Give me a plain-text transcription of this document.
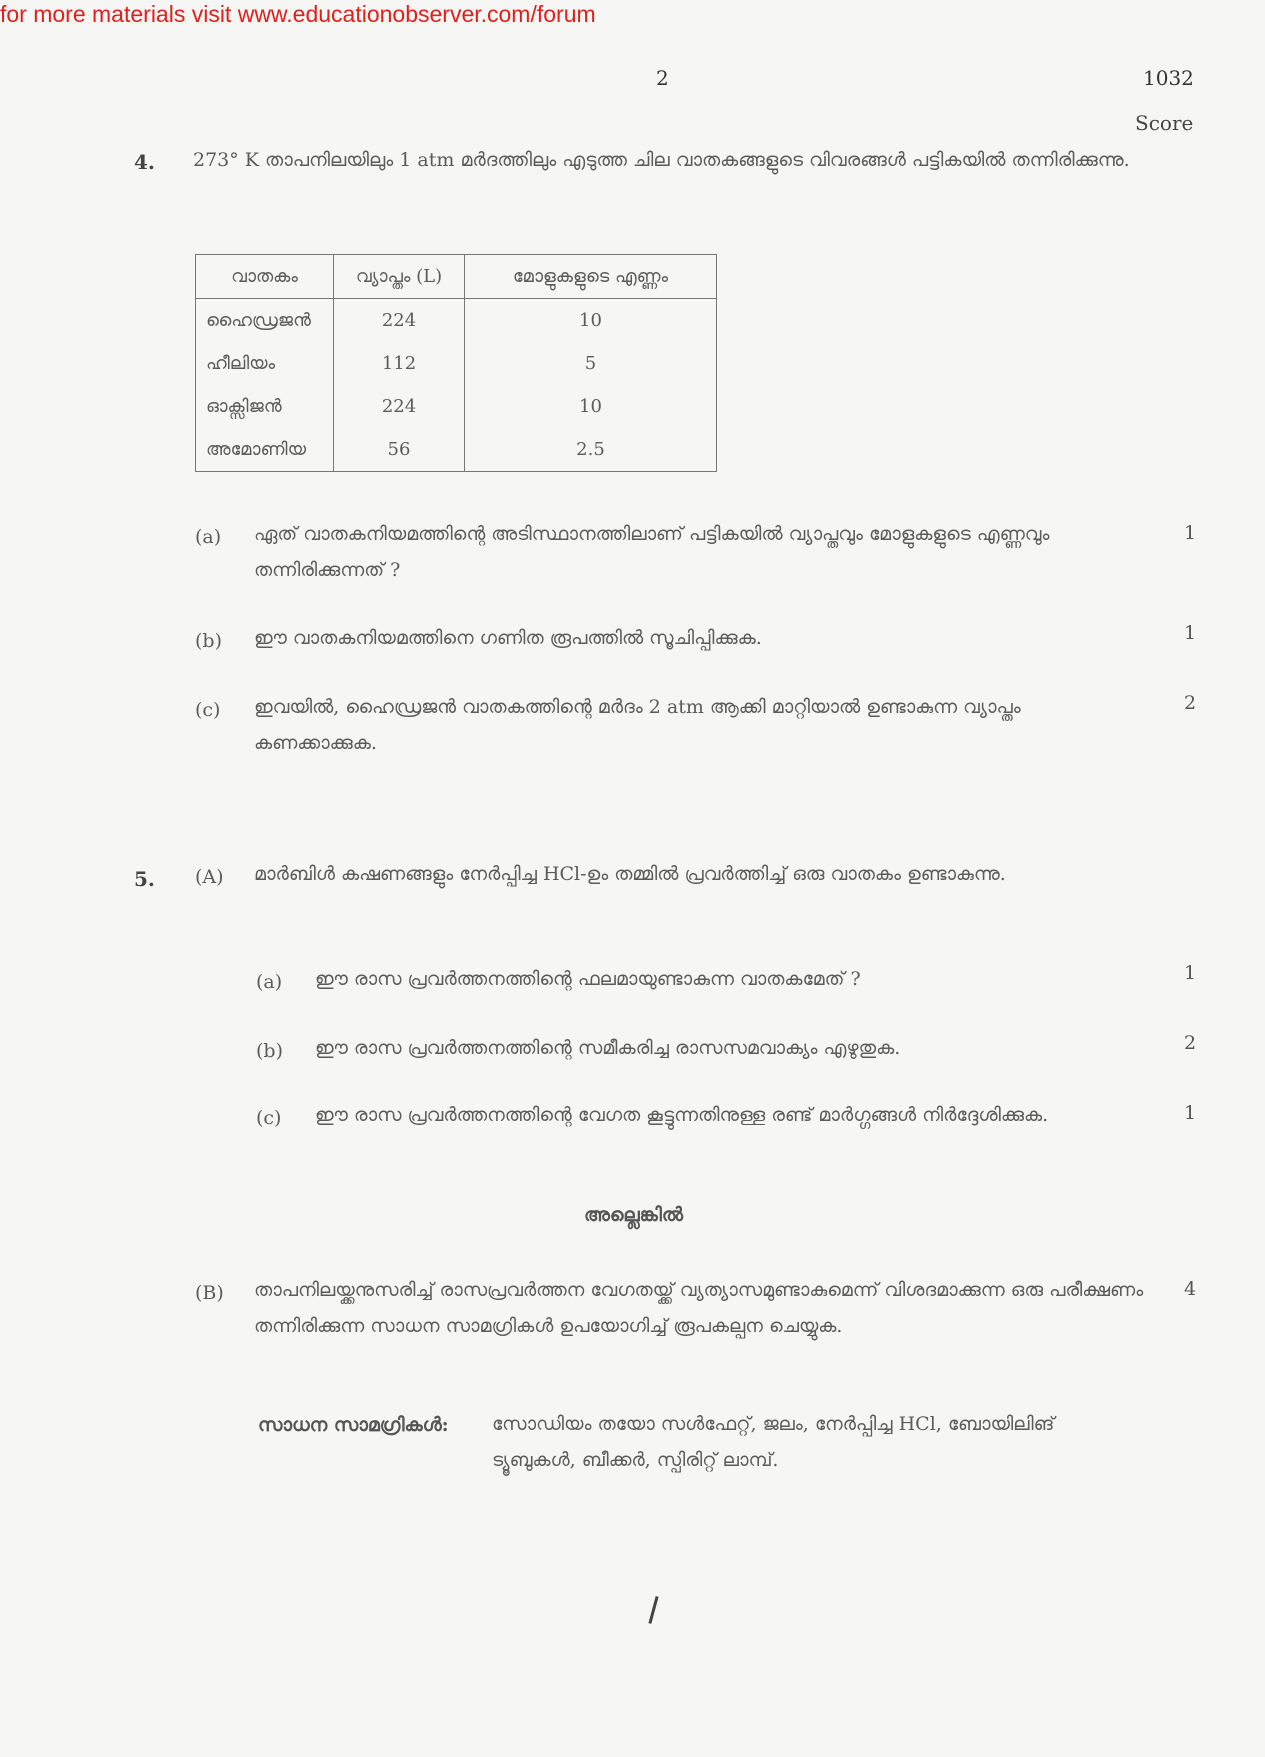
for more materials visit www.educationobserver.com/forum
2	1032
Score
4. 273° K താപനിലയിലും 1 atm മർദത്തിലും എടുത്ത ചില വാതകങ്ങളുടെ വിവരങ്ങൾ പട്ടികയിൽ തന്നിരിക്കുന്നു.
വാതകം	വ്യാപ്തം (L)	മോളുകളുടെ എണ്ണം
ഹൈഡ്രജൻ	224	10
ഹീലിയം	112	5
ഓക്സിജൻ	224	10
അമോണിയ	56	2.5
(a) ഏത് വാതകനിയമത്തിന്റെ അടിസ്ഥാനത്തിലാണ് പട്ടികയിൽ വ്യാപ്തവും മോളുകളുടെ എണ്ണവും തന്നിരിക്കുന്നത് ?
1
(b) ഈ വാതകനിയമത്തിനെ ഗണിത രൂപത്തിൽ സൂചിപ്പിക്കുക.	1
(c) ഇവയിൽ, ഹൈഡ്രജൻ വാതകത്തിന്റെ മർദം 2 atm ആക്കി മാറ്റിയാൽ ഉണ്ടാകുന്ന വ്യാപ്തം കണക്കാക്കുക.
2
5. (A) മാർബിൾ കഷണങ്ങളും നേർപ്പിച്ച HCl-ഉം തമ്മിൽ പ്രവർത്തിച്ച് ഒരു വാതകം ഉണ്ടാകുന്നു.
(a) ഈ രാസ പ്രവർത്തനത്തിന്റെ ഫലമായുണ്ടാകുന്ന വാതകമേത് ?	1
(b) ഈ രാസ പ്രവർത്തനത്തിന്റെ സമീകരിച്ച രാസസമവാക്യം എഴുതുക.	2
(c) ഈ രാസ പ്രവർത്തനത്തിന്റെ വേഗത കൂട്ടുന്നതിനുള്ള രണ്ട് മാർഗ്ഗങ്ങൾ നിർദ്ദേശിക്കുക.	1
അല്ലെങ്കിൽ
(B) താപനിലയ്ക്കനുസരിച്ച് രാസപ്രവർത്തന വേഗതയ്ക്ക് വ്യത്യാസമുണ്ടാകുമെന്ന് വിശദമാക്കുന്ന ഒരു പരീക്ഷണം തന്നിരിക്കുന്ന സാധന സാമഗ്രികൾ ഉപയോഗിച്ച് രൂപകല്പന ചെയ്യുക.
4
സാധന സാമഗ്രികൾ: സോഡിയം തയോ സൾഫേറ്റ്, ജലം, നേർപ്പിച്ച HCl, ബോയിലിങ് ട്യൂബുകൾ, ബീക്കർ, സ്പിരിറ്റ് ലാമ്പ്.
